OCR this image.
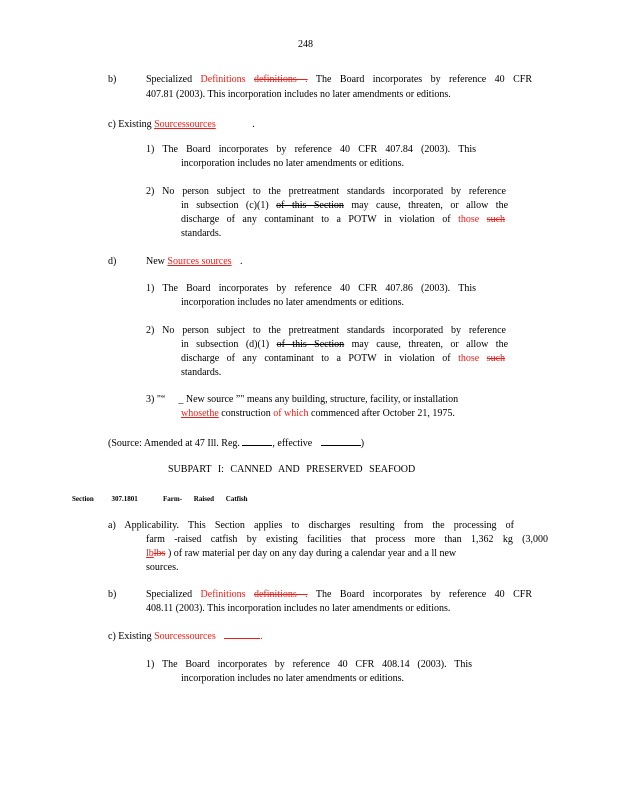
248
b)	Specialized Definitions definitions . The Board incorporates by reference 40 CFR
407.81 (2003). This incorporation includes no later amendments or editions.
c) Existing Sourcessources	.
1) The Board incorporates by reference 40 CFR 407.84 (2003). This
incorporation includes no later amendments or editions.
2) No person subject to the pretreatment standards incorporated by reference
in subsection (c)(1) of this Section may cause, threaten, or allow the
discharge of any contaminant to a POTW in violation of those such
standards.
d)	New Sources sources .
1) The Board incorporates by reference 40 CFR 407.86 (2003). This
incorporation includes no later amendments or editions.
2) No person subject to the pretreatment standards incorporated by reference
in subsection (d)(1) of this Section may cause, threaten, or allow the
discharge of any contaminant to a POTW in violation of those such
standards.
3) "“ _ New source ”" means any building, structure, facility, or installation
whosethe construction of which commenced after October 21, 1975.
(Source: Amended at 47 Ill. Reg.	, effective	)
SUBPART I: CANNED AND PRESERVED SEAFOOD
Section 307.1801	Farm- Raised Catfish
a) Applicability. This Section applies to discharges resulting from the processing of
farm -raised catfish by existing facilities that process more than 1,362 kg (3,000
lblbs ) of raw material per day on any day during a calendar year and a ll new
sources.
b)	Specialized Definitions definitions . The Board incorporates by reference 40 CFR
408.11 (2003). This incorporation includes no later amendments or editions.
c) Existing Sourcessources	.
1) The Board incorporates by reference 40 CFR 408.14 (2003). This
incorporation includes no later amendments or editions.
